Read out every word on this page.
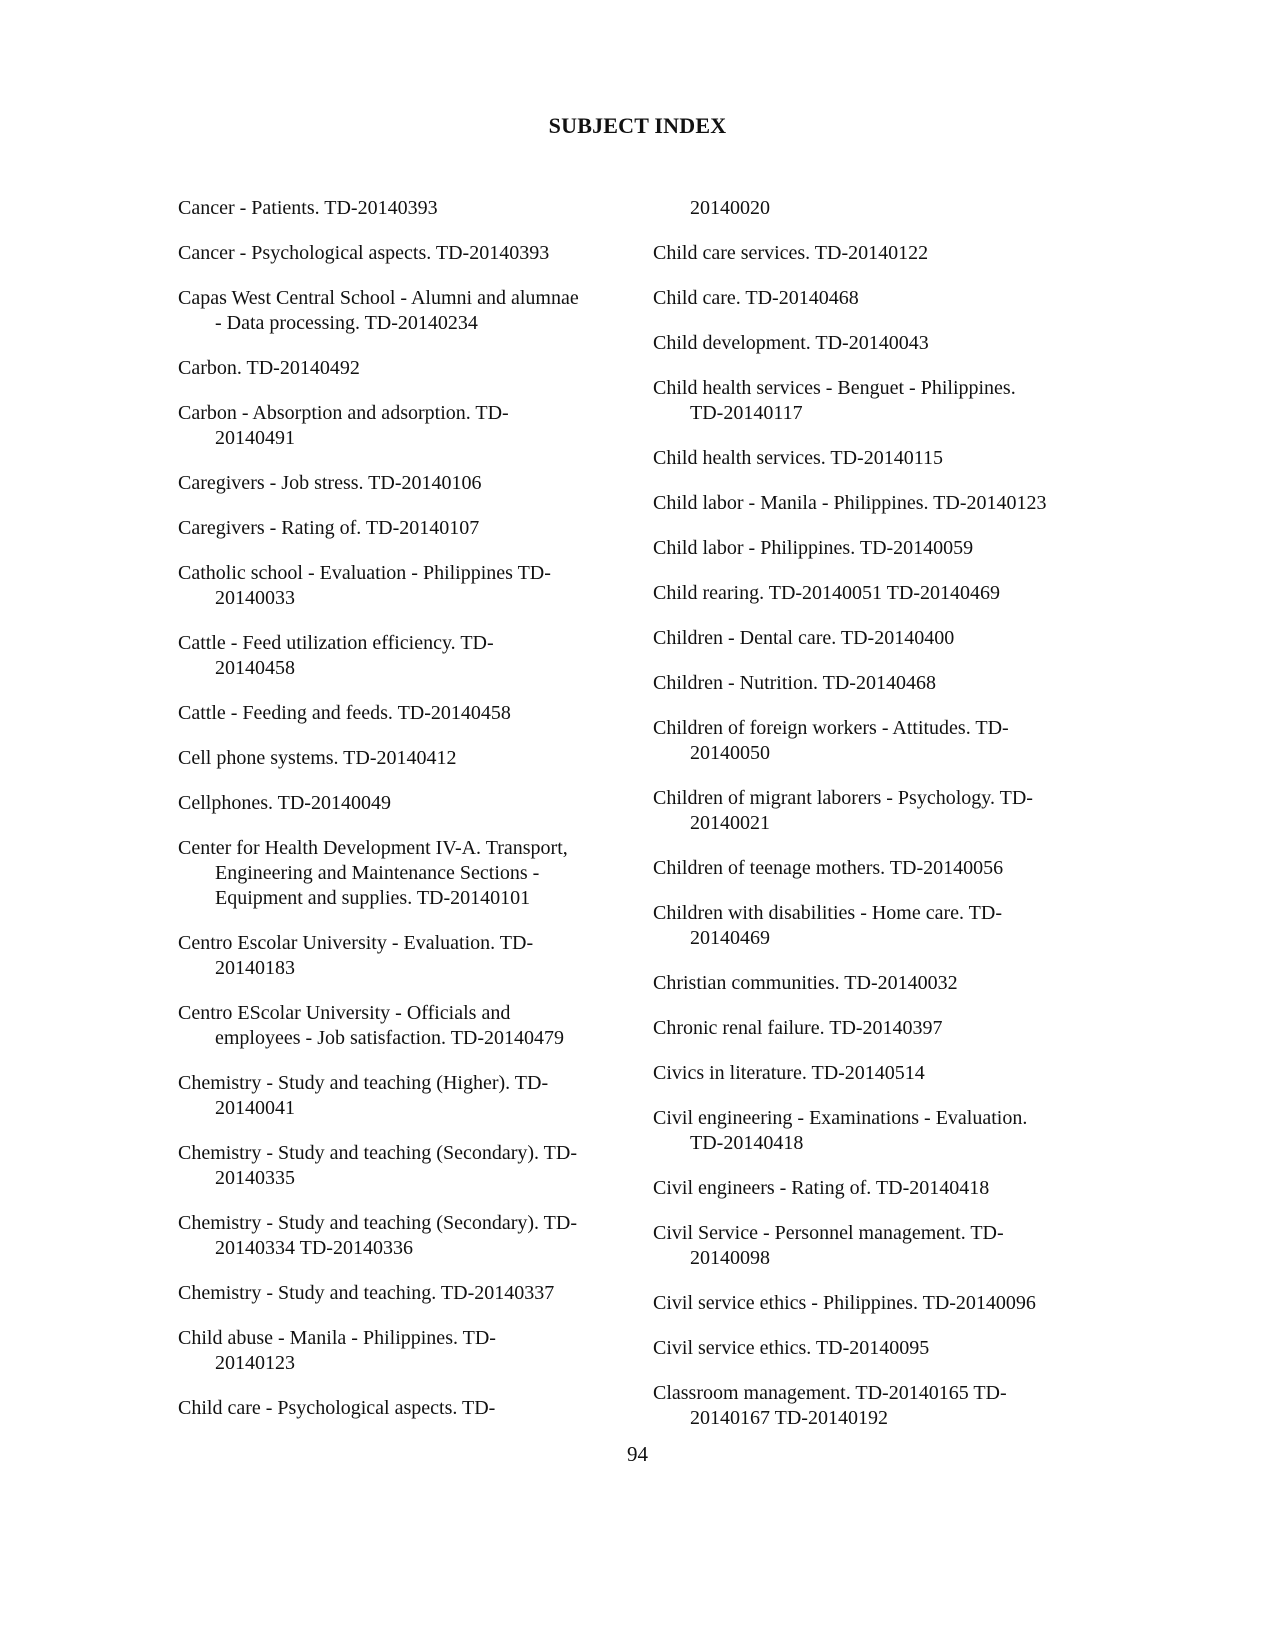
SUBJECT INDEX
Cancer - Patients. TD-20140393
Cancer - Psychological aspects. TD-20140393
Capas West Central School - Alumni and alumnae
- Data processing. TD-20140234
Carbon. TD-20140492
Carbon - Absorption and adsorption. TD-
20140491
Caregivers - Job stress. TD-20140106
Caregivers - Rating of. TD-20140107
Catholic school - Evaluation - Philippines TD-
20140033
Cattle - Feed utilization efficiency. TD-
20140458
Cattle - Feeding and feeds. TD-20140458
Cell phone systems. TD-20140412
Cellphones. TD-20140049
Center for Health Development IV-A. Transport,
Engineering and Maintenance Sections -
Equipment and supplies. TD-20140101
Centro Escolar University - Evaluation. TD-
20140183
Centro EScolar University - Officials and
employees - Job satisfaction. TD-20140479
Chemistry - Study and teaching (Higher). TD-
20140041
Chemistry - Study and teaching (Secondary). TD-
20140335
Chemistry - Study and teaching (Secondary). TD-
20140334 TD-20140336
Chemistry - Study and teaching. TD-20140337
Child abuse - Manila - Philippines. TD-
20140123
Child care - Psychological aspects. TD-
20140020
Child care services. TD-20140122
Child care. TD-20140468
Child development. TD-20140043
Child health services - Benguet - Philippines.
TD-20140117
Child health services. TD-20140115
Child labor - Manila - Philippines. TD-20140123
Child labor - Philippines. TD-20140059
Child rearing. TD-20140051 TD-20140469
Children - Dental care. TD-20140400
Children - Nutrition. TD-20140468
Children of foreign workers - Attitudes. TD-
20140050
Children of migrant laborers - Psychology. TD-
20140021
Children of teenage mothers. TD-20140056
Children with disabilities - Home care. TD-
20140469
Christian communities. TD-20140032
Chronic renal failure. TD-20140397
Civics in literature. TD-20140514
Civil engineering - Examinations - Evaluation.
TD-20140418
Civil engineers - Rating of. TD-20140418
Civil Service - Personnel management. TD-
20140098
Civil service ethics - Philippines. TD-20140096
Civil service ethics. TD-20140095
Classroom management. TD-20140165 TD-
20140167 TD-20140192
94
